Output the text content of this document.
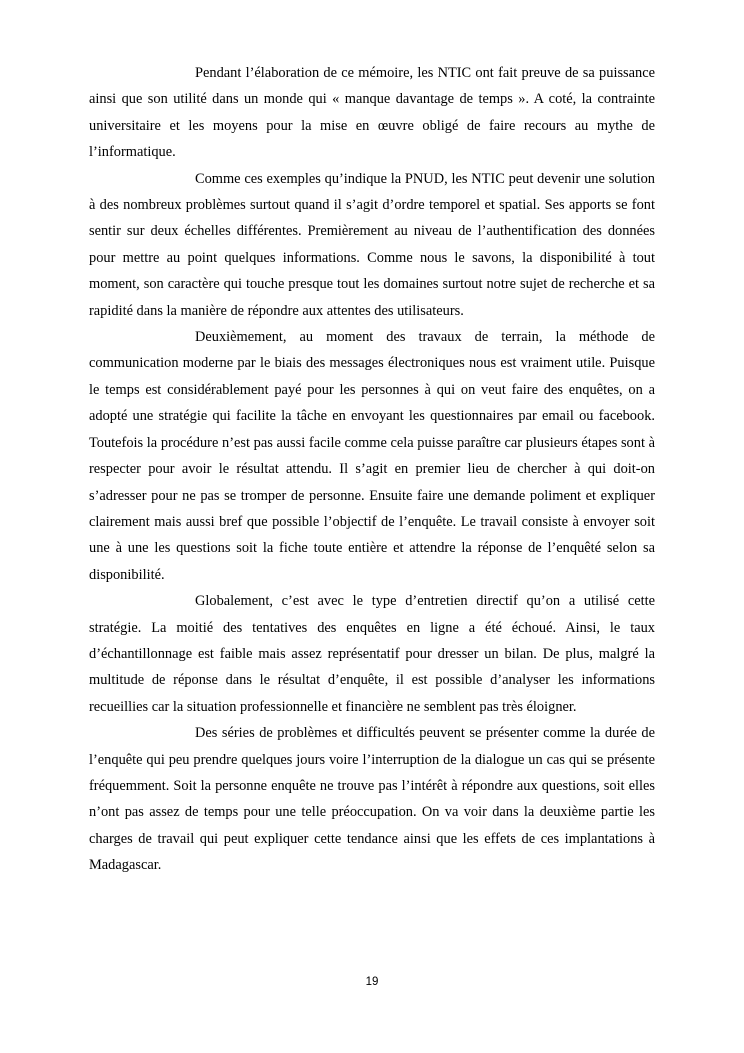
Pendant l’élaboration de ce mémoire, les NTIC ont fait preuve de sa puissance ainsi que son utilité dans un monde qui « manque davantage de temps ». A coté, la contrainte universitaire et les moyens pour la mise en œuvre obligé de faire recours au mythe de l’informatique.

Comme ces exemples qu’indique la PNUD, les NTIC peut devenir une solution à des nombreux problèmes surtout quand il s’agit d’ordre temporel et spatial. Ses apports se font sentir sur deux échelles différentes. Premièrement au niveau de l’authentification des données pour mettre au point quelques informations. Comme nous le savons, la disponibilité à tout moment, son caractère qui touche presque tout les domaines surtout notre sujet de recherche et sa rapidité dans la manière de répondre aux attentes des utilisateurs.

Deuxièmement, au moment des travaux de terrain, la méthode de communication moderne par le biais des messages électroniques nous est vraiment utile. Puisque le temps est considérablement payé pour les personnes à qui on veut faire des enquêtes, on a adopté une stratégie qui facilite la tâche en envoyant les questionnaires par email ou facebook. Toutefois la procédure n’est pas aussi facile comme cela puisse paraître car plusieurs étapes sont à respecter pour avoir le résultat attendu. Il s’agit en premier lieu de chercher à qui doit-on s’adresser pour ne pas se tromper de personne. Ensuite faire une demande poliment et expliquer clairement mais aussi bref que possible l’objectif de l’enquête. Le travail consiste à envoyer soit une à une les questions soit la fiche toute entière et attendre la réponse de l’enquêté selon sa disponibilité.

Globalement, c’est avec le type d’entretien directif qu’on a utilisé cette stratégie. La moitié des tentatives des enquêtes en ligne a été échoué. Ainsi, le taux d’échantillonnage est faible mais assez représentatif pour dresser un bilan. De plus, malgré la multitude de réponse dans le résultat d’enquête, il est possible d’analyser les informations recueillies car la situation professionnelle et financière ne semblent pas très éloigner.

Des séries de problèmes et difficultés peuvent se présenter comme la durée de l’enquête qui peu prendre quelques jours voire l’interruption de la dialogue un cas qui se présente fréquemment. Soit la personne enquête ne trouve pas l’intérêt à répondre aux questions, soit elles n’ont pas assez de temps pour une telle préoccupation. On va voir dans la deuxième partie les charges de travail qui peut expliquer cette tendance ainsi que les effets de ces implantations à Madagascar.

19
